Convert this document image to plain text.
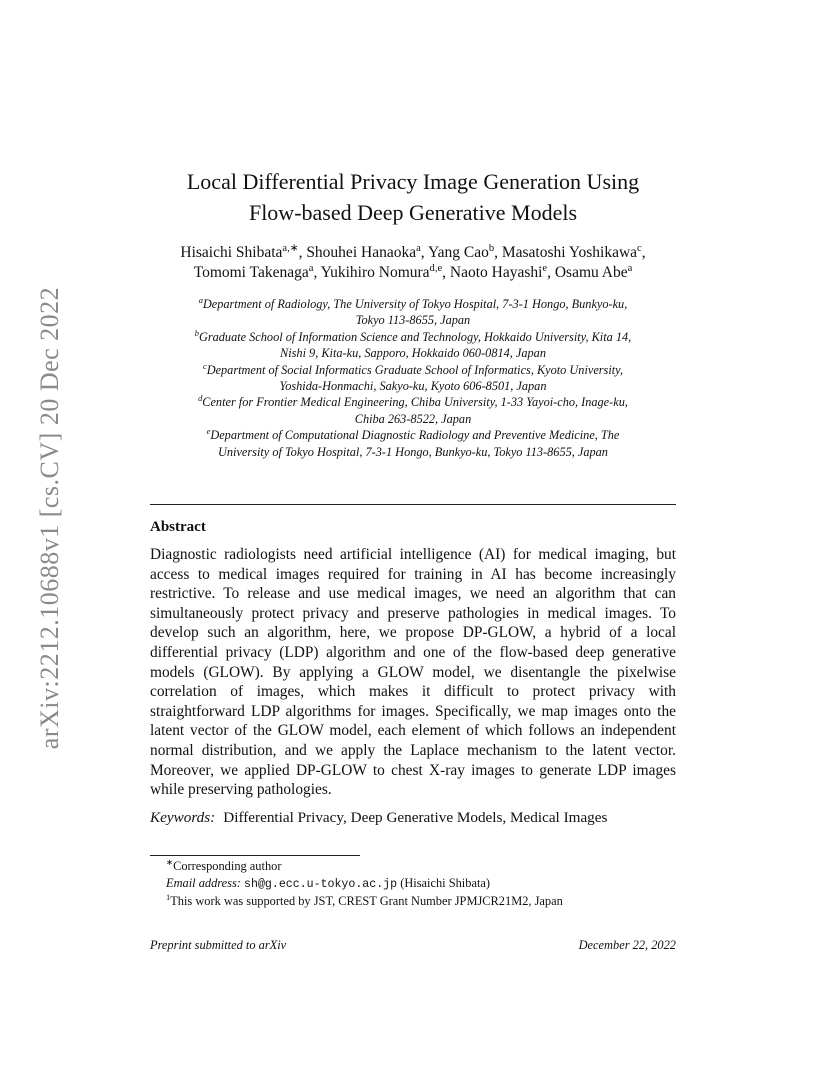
arXiv:2212.10688v1 [cs.CV] 20 Dec 2022
Local Differential Privacy Image Generation Using
Flow-based Deep Generative Models
Hisaichi Shibata$^{a,∗}$, Shouhei Hanaoka$^a$, Yang Cao$^b$, Masatoshi Yoshikawa$^c$,
Tomomi Takenaga$^a$, Yukihiro Nomura$^{d,e}$, Naoto Hayashi$^e$, Osamu Abe$^a$
$^a$Department of Radiology, The University of Tokyo Hospital, 7-3-1 Hongo, Bunkyo-ku,
Tokyo 113-8655, Japan
$^b$Graduate School of Information Science and Technology, Hokkaido University, Kita 14,
Nishi 9, Kita-ku, Sapporo, Hokkaido 060-0814, Japan
$^c$Department of Social Informatics Graduate School of Informatics, Kyoto University,
Yoshida-Honmachi, Sakyo-ku, Kyoto 606-8501, Japan
$^d$Center for Frontier Medical Engineering, Chiba University, 1-33 Yayoi-cho, Inage-ku,
Chiba 263-8522, Japan
$^e$Department of Computational Diagnostic Radiology and Preventive Medicine, The
University of Tokyo Hospital, 7-3-1 Hongo, Bunkyo-ku, Tokyo 113-8655, Japan
Abstract
Diagnostic radiologists need artificial intelligence (AI) for medical imaging, but access to medical images required for training in AI has become increasingly restrictive. To release and use medical images, we need an algorithm that can simultaneously protect privacy and preserve pathologies in medical images. To develop such an algorithm, here, we propose DP-GLOW, a hybrid of a local differential privacy (LDP) algorithm and one of the flow-based deep generative models (GLOW). By applying a GLOW model, we disentangle the pixelwise correlation of images, which makes it difficult to protect privacy with straightforward LDP algorithms for images. Specifically, we map images onto the latent vector of the GLOW model, each element of which follows an independent normal distribution, and we apply the Laplace mechanism to the latent vector. Moreover, we applied DP-GLOW to chest X-ray images to generate LDP images while preserving pathologies.
Keywords: Differential Privacy, Deep Generative Models, Medical Images
∗Corresponding author
Email address: sh@g.ecc.u-tokyo.ac.jp (Hisaichi Shibata)
$^1$This work was supported by JST, CREST Grant Number JPMJCR21M2, Japan
Preprint submitted to arXiv	December 22, 2022
